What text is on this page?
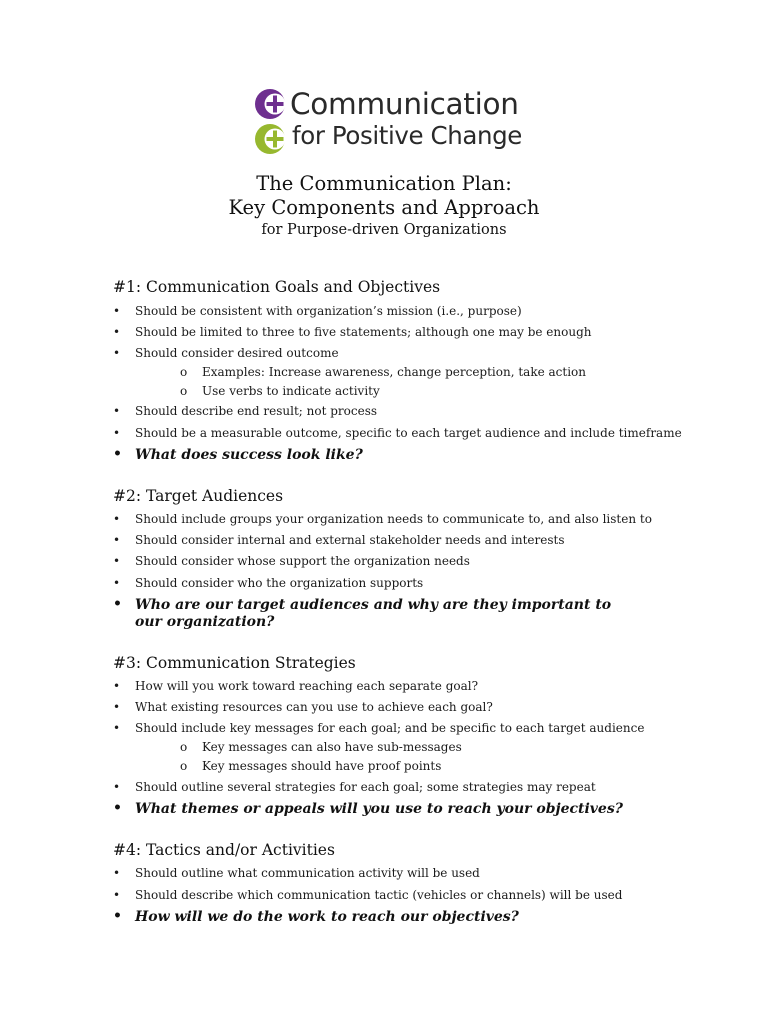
Communication
for Positive Change
The Communication Plan:
Key Components and Approach
for Purpose-driven Organizations
#1: Communication Goals and Objectives
• Should be consistent with organization’s mission (i.e., purpose)
• Should be limited to three to five statements; although one may be enough
• Should consider desired outcome
o Examples: Increase awareness, change perception, take action
o Use verbs to indicate activity
• Should describe end result; not process
• Should be a measurable outcome, specific to each target audience and include timeframe
• What does success look like?
#2: Target Audiences
• Should include groups your organization needs to communicate to, and also listen to
• Should consider internal and external stakeholder needs and interests
• Should consider whose support the organization needs
• Should consider who the organization supports
• Who are our target audiences and why are they important to our organization?
#3: Communication Strategies
• How will you work toward reaching each separate goal?
• What existing resources can you use to achieve each goal?
• Should include key messages for each goal; and be specific to each target audience
o Key messages can also have sub-messages
o Key messages should have proof points
• Should outline several strategies for each goal; some strategies may repeat
• What themes or appeals will you use to reach your objectives?
#4: Tactics and/or Activities
• Should outline what communication activity will be used
• Should describe which communication tactic (vehicles or channels) will be used
• How will we do the work to reach our objectives?
